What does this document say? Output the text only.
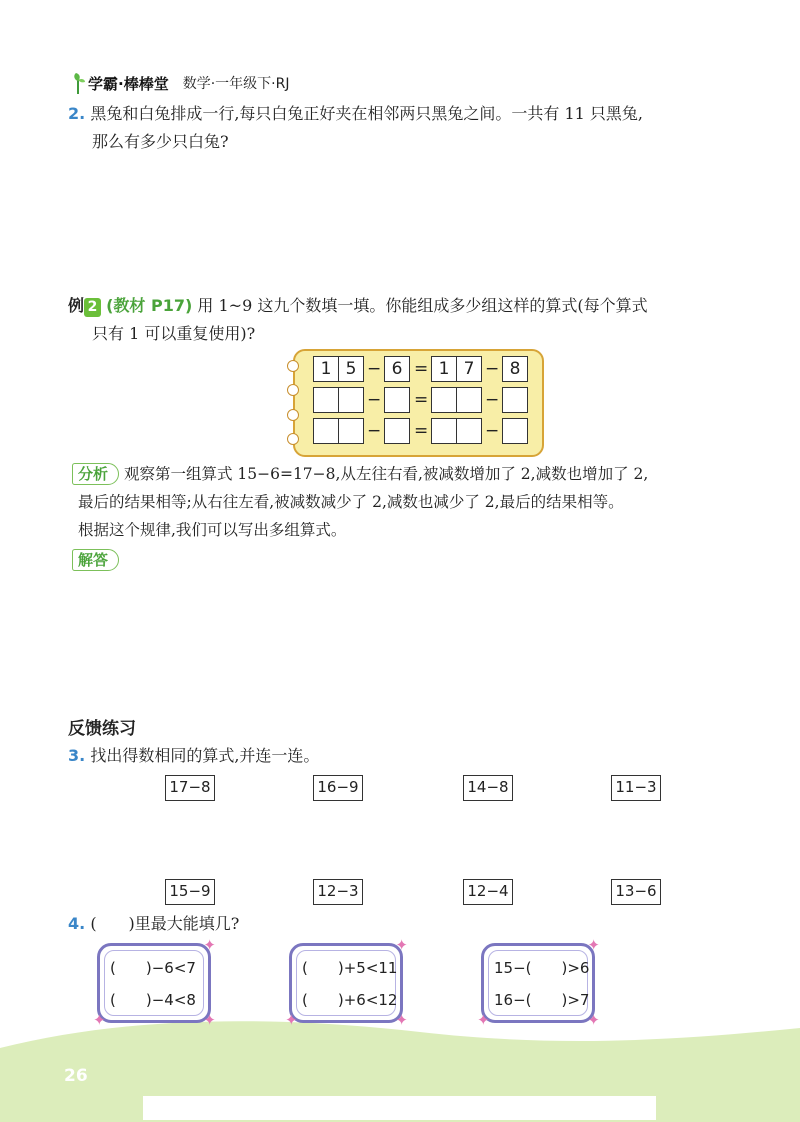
学霸·棒棒堂 数学·一年级下·RJ
2. 黑兔和白兔排成一行,每只白兔正好夹在相邻两只黑兔之间。一共有 11 只黑兔,
那么有多少只白兔?
例 2 (教材 P17) 用 1~9 这九个数填一填。你能组成多少组这样的算式(每个算式
只有 1 可以重复使用)?
1 5 − 6 = 1 7 − 8
− =	−
− =	−
分析 观察第一组算式 15−6=17−8,从左往右看,被减数增加了 2,减数也增加了 2,
最后的结果相等;从右往左看,被减数减少了 2,减数也减少了 2,最后的结果相等。
根据这个规律,我们可以写出多组算式。
解答
反馈练习
3. 找出得数相同的算式,并连一连。
17−8	16−9	14−8	11−3
15−9	12−3	12−4	13−6
4. (　　)里最大能填几?
(　　)−6<7
(　　)−4<8
✦
✦
✦
(　　)+5<11
(　　)+6<12
✦
✦
✦
15−(　　)>6
16−(　　)>7
✦
✦
✦
26
